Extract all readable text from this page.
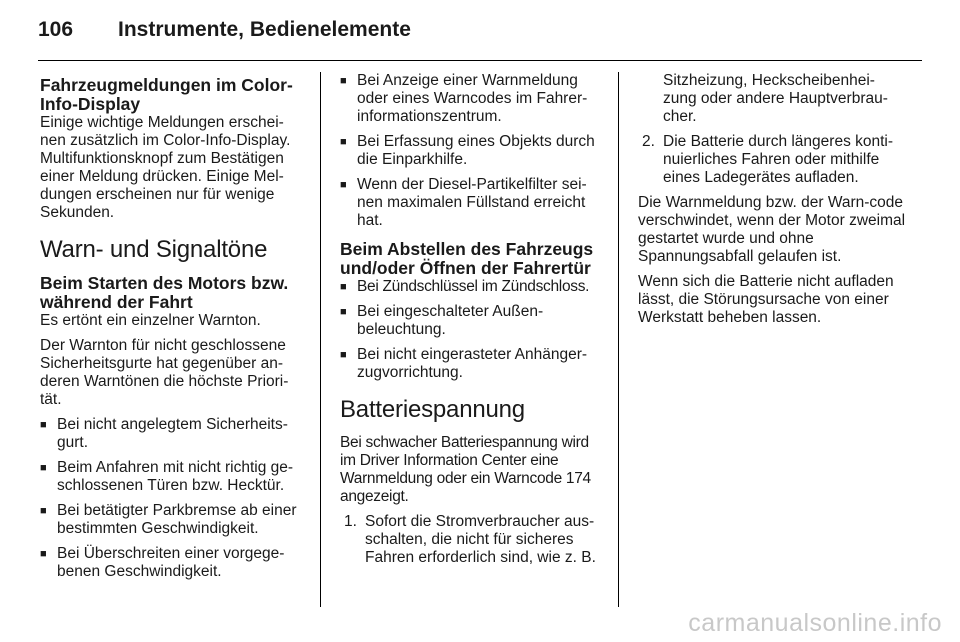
106 Instrumente, Bedienelemente
Fahrzeugmeldungen im Color-Info-Display

Einige wichtige Meldungen erschei-nen zusätzlich im Color-Info-Display. Multifunktionsknopf zum Bestätigen einer Meldung drücken. Einige Mel-dungen erscheinen nur für wenige Sekunden.

Warn- und Signaltöne
Beim Starten des Motors bzw. während der Fahrt

Es ertönt ein einzelner Warnton.

Der Warnton für nicht geschlossene Sicherheitsgurte hat gegenüber an-deren Warntönen die höchste Priori-tät.

■ Bei nicht angelegtem Sicherheits-gurt.
■ Beim Anfahren mit nicht richtig ge-schlossenen Türen bzw. Hecktür.
■ Bei betätigter Parkbremse ab einer bestimmten Geschwindigkeit.
■ Bei Überschreiten einer vorgege-benen Geschwindigkeit.
■ Bei Anzeige einer Warnmeldung oder eines Warncodes im Fahrer-informationszentrum.
■ Bei Erfassung eines Objekts durch die Einparkhilfe.
■ Wenn der Diesel-Partikelfilter sei-nen maximalen Füllstand erreicht hat.
Beim Abstellen des Fahrzeugs und/oder Öffnen der Fahrertür
■ Bei Zündschlüssel im Zündschloss.
■ Bei eingeschalteter Außen-beleuchtung.
■ Bei nicht eingerasteter Anhänger-zugvorrichtung.
Batteriespannung

Bei schwacher Batteriespannung wird im Driver Information Center eine Warnmeldung oder ein Warncode 174 angezeigt.

1. Sofort die Stromverbraucher aus-schalten, die nicht für sicheres Fahren erforderlich sind, wie z. B.

Sitzheizung, Heckscheibenhei-zung oder andere Hauptverbrau-cher.

2. Die Batterie durch längeres konti-nuierliches Fahren oder mithilfe eines Ladegerätes aufladen.

Die Warnmeldung bzw. der Warn-code verschwindet, wenn der Motor zweimal gestartet wurde und ohne Spannungsabfall gelaufen ist.

Wenn sich die Batterie nicht aufladen lässt, die Störungsursache von einer Werkstatt beheben lassen.

carmanualsonline.info
